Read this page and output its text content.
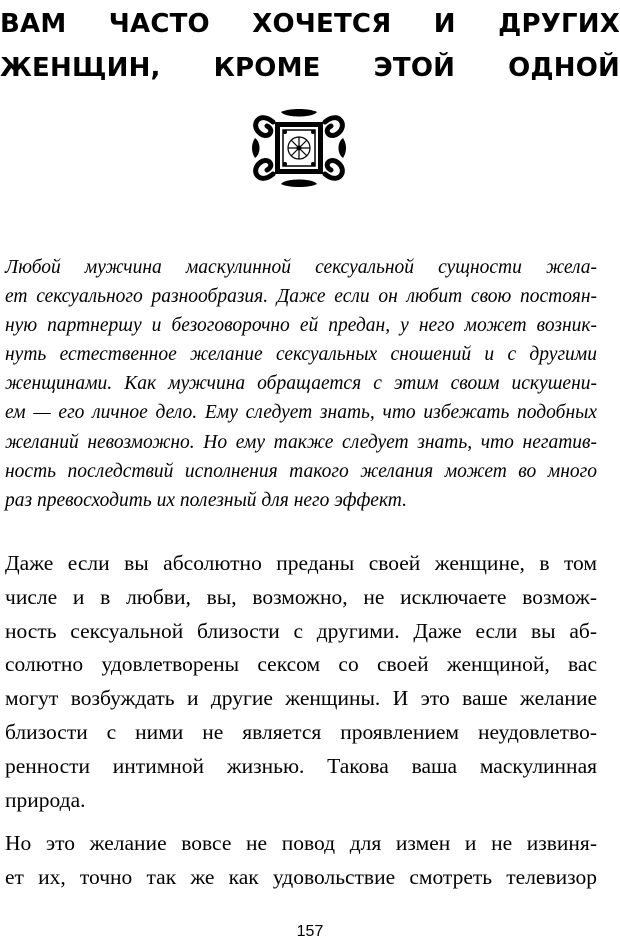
ВАМ ЧАСТО ХОЧЕТСЯ И ДРУГИХ
ЖЕНЩИН, КРОМЕ ЭТОЙ ОДНОЙ
Любой мужчина маскулинной сексуальной сущности жела-
ет сексуального разнообразия. Даже если он любит свою постоян-
ную партнершу и безоговорочно ей предан, у него может возник-
нуть естественное желание сексуальных сношений и с другими
женщинами. Как мужчина обращается с этим своим искушени-
ем — его личное дело. Ему следует знать, что избежать подобных
желаний невозможно. Но ему также следует знать, что негатив-
ность последствий исполнения такого желания может во много
раз превосходить их полезный для него эффект.
Даже если вы абсолютно преданы своей женщине, в том
числе и в любви, вы, возможно, не исключаете возмож-
ность сексуальной близости с другими. Даже если вы аб-
солютно удовлетворены сексом со своей женщиной, вас
могут возбуждать и другие женщины. И это ваше желание
близости с ними не является проявлением неудовлетво-
ренности интимной жизнью. Такова ваша маскулинная
природа.
Но это желание вовсе не повод для измен и не извиня-
ет их, точно так же как удовольствие смотреть телевизор
157
